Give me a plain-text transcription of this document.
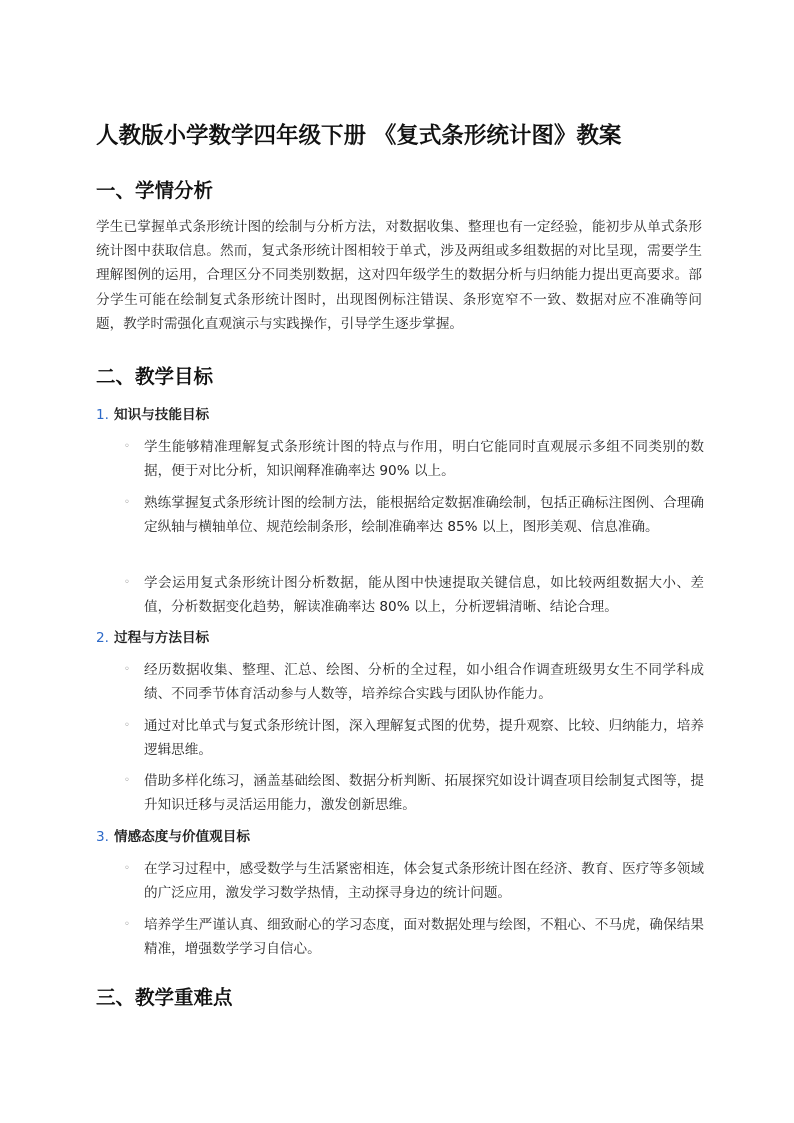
人教版小学数学四年级下册 《复式条形统计图》教案
一、学情分析

学生已掌握单式条形统计图的绘制与分析方法，对数据收集、整理也有一定经验，能初步从单式条形统计图中获取信息。然而，复式条形统计图相较于单式，涉及两组或多组数据的对比呈现，需要学生理解图例的运用，合理区分不同类别数据，这对四年级学生的数据分析与归纳能力提出更高要求。部分学生可能在绘制复式条形统计图时，出现图例标注错误、条形宽窄不一致、数据对应不准确等问题，教学时需强化直观演示与实践操作，引导学生逐步掌握。

二、教学目标
1. 知识与技能目标
◦ 学生能够精准理解复式条形统计图的特点与作用，明白它能同时直观展示多组不同类别的数据，便于对比分析，知识阐释准确率达 90% 以上。
◦ 熟练掌握复式条形统计图的绘制方法，能根据给定数据准确绘制，包括正确标注图例、合理确定纵轴与横轴单位、规范绘制条形，绘制准确率达 85% 以上，图形美观、信息准确。
◦ 学会运用复式条形统计图分析数据，能从图中快速提取关键信息，如比较两组数据大小、差值，分析数据变化趋势，解读准确率达 80% 以上，分析逻辑清晰、结论合理。
2. 过程与方法目标
◦ 经历数据收集、整理、汇总、绘图、分析的全过程，如小组合作调查班级男女生不同学科成绩、不同季节体育活动参与人数等，培养综合实践与团队协作能力。
◦ 通过对比单式与复式条形统计图，深入理解复式图的优势，提升观察、比较、归纳能力，培养逻辑思维。
◦ 借助多样化练习，涵盖基础绘图、数据分析判断、拓展探究如设计调查项目绘制复式图等，提升知识迁移与灵活运用能力，激发创新思维。
3. 情感态度与价值观目标
◦ 在学习过程中，感受数学与生活紧密相连，体会复式条形统计图在经济、教育、医疗等多领域的广泛应用，激发学习数学热情，主动探寻身边的统计问题。
◦ 培养学生严谨认真、细致耐心的学习态度，面对数据处理与绘图，不粗心、不马虎，确保结果精准，增强数学学习自信心。
三、教学重难点
